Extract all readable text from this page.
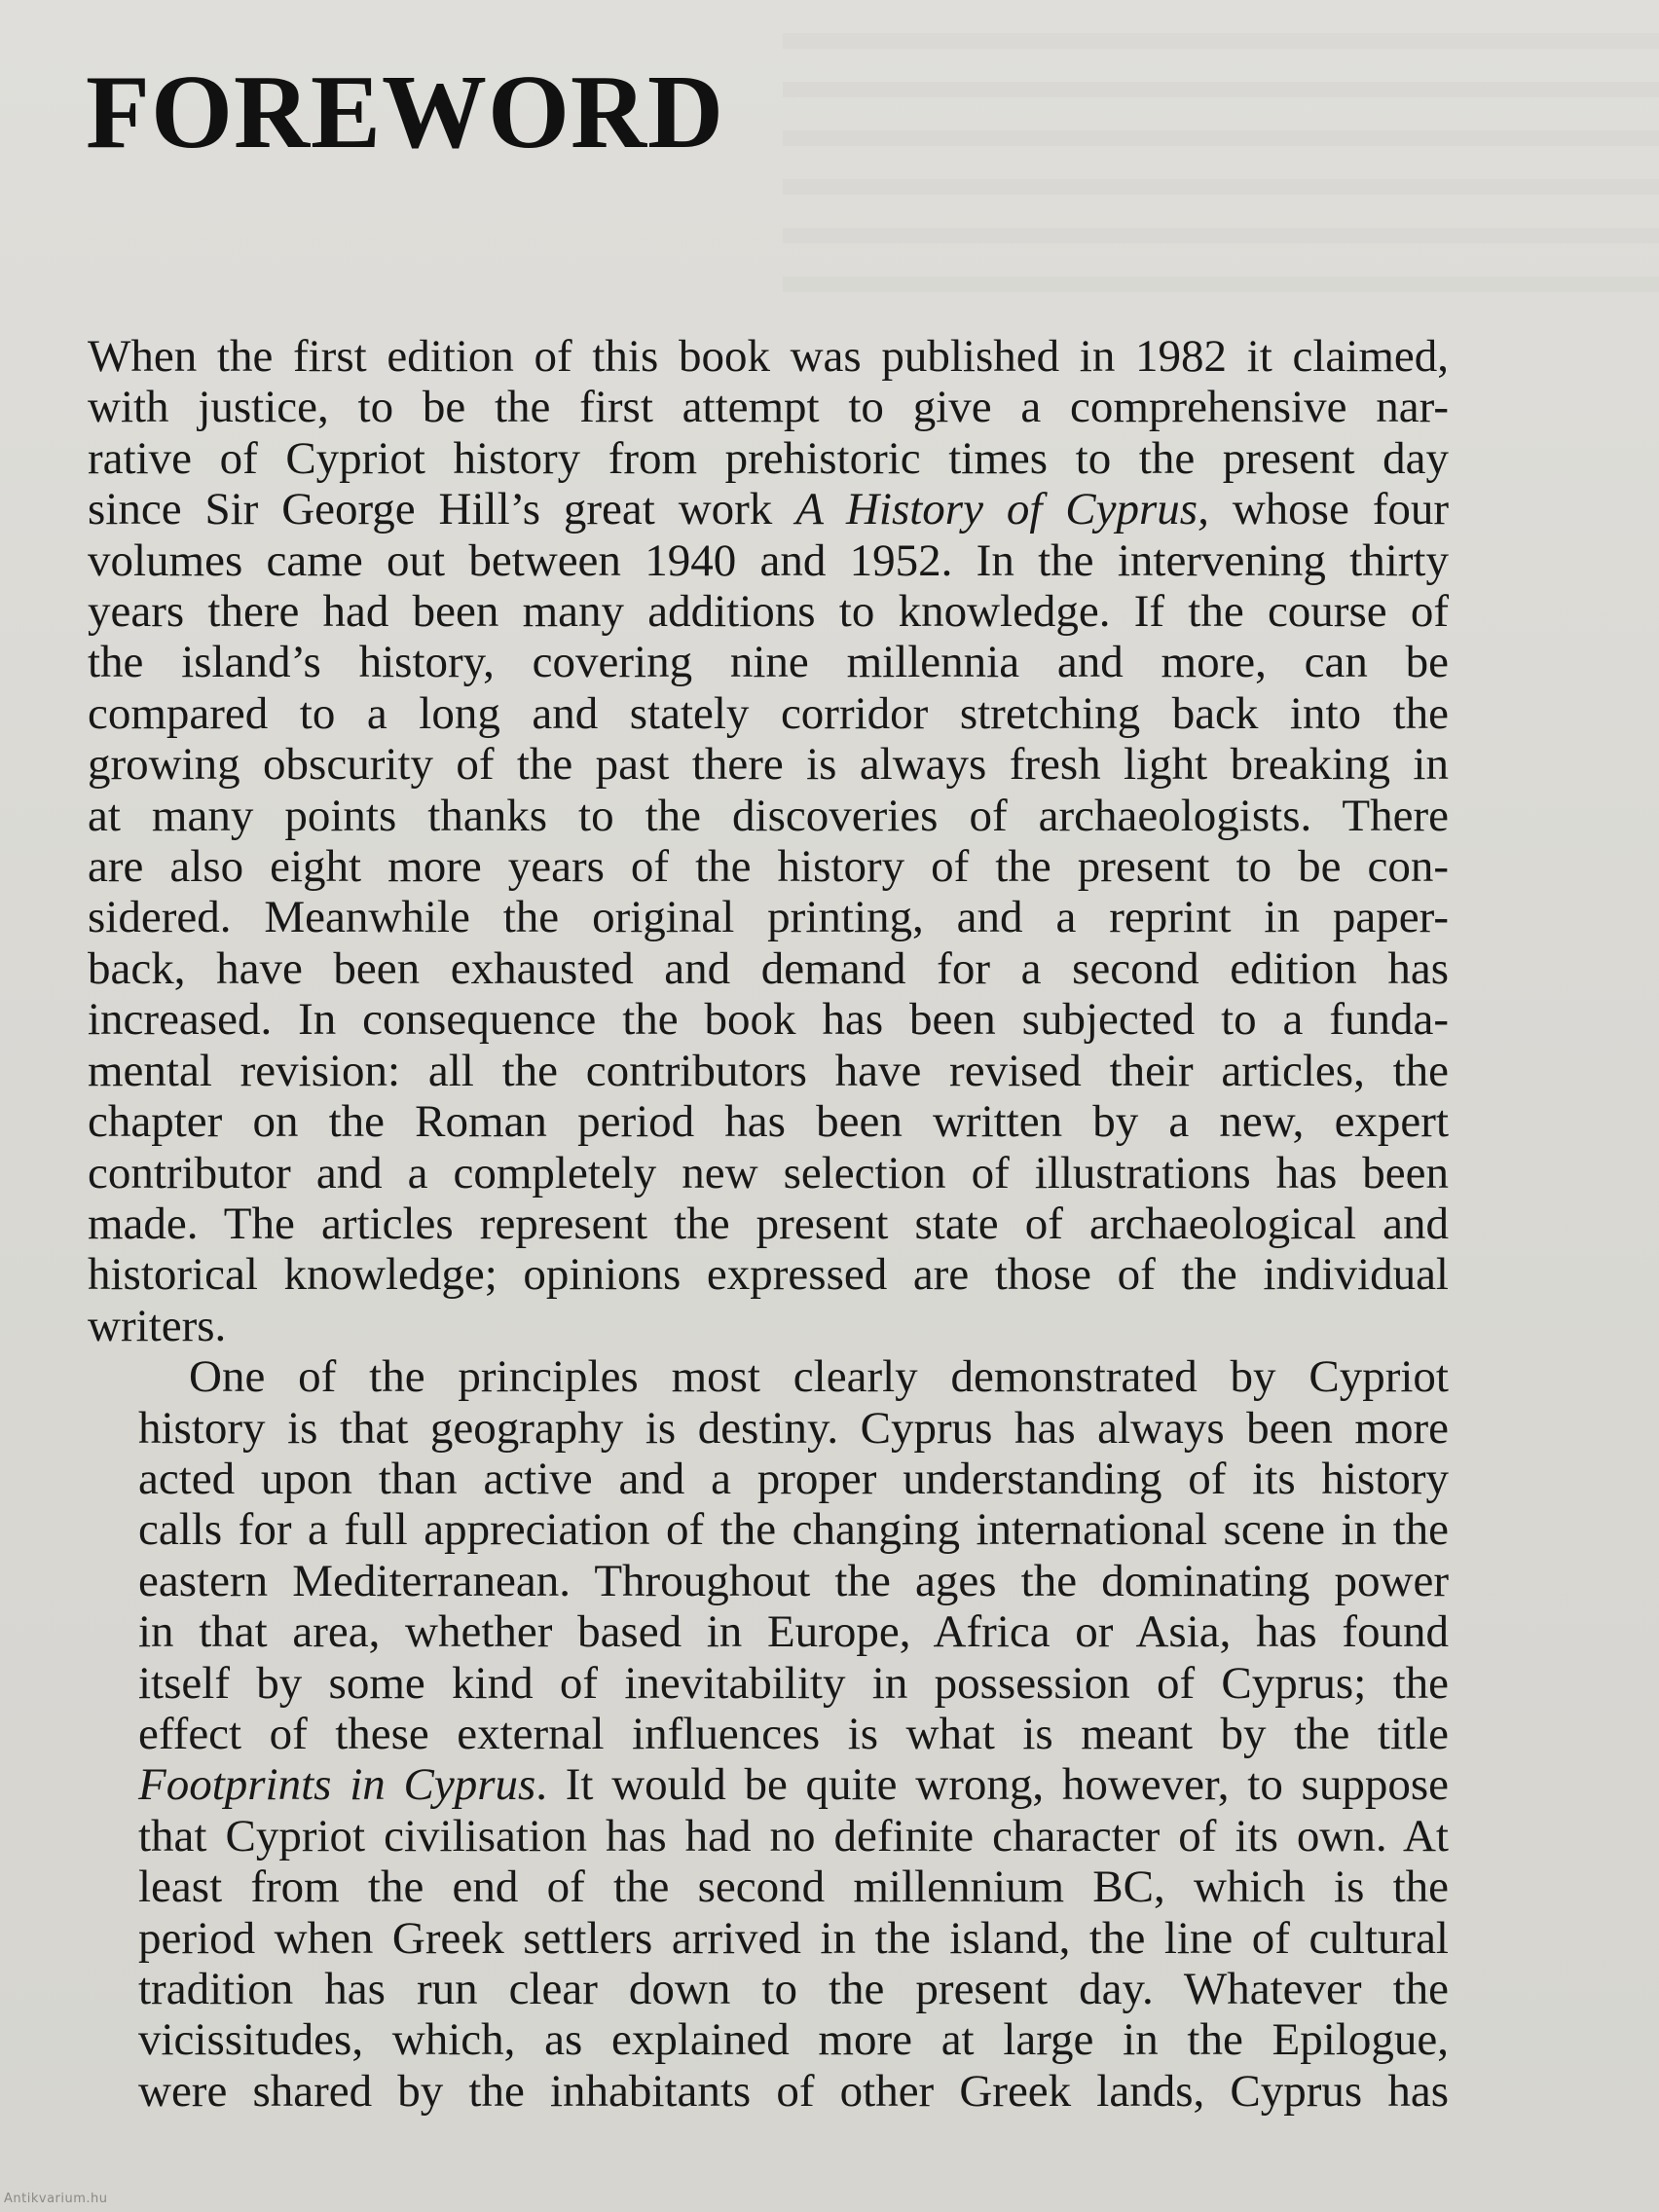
FOREWORD

When the first edition of this book was published in 1982 it claimed,
with justice, to be the first attempt to give a comprehensive nar-
rative of Cypriot history from prehistoric times to the present day
since Sir George Hill’s great work A History of Cyprus, whose four
volumes came out between 1940 and 1952. In the intervening thirty
years there had been many additions to knowledge. If the course of
the island’s history, covering nine millennia and more, can be
compared to a long and stately corridor stretching back into the
growing obscurity of the past there is always fresh light breaking in
at many points thanks to the discoveries of archaeologists. There
are also eight more years of the history of the present to be con-
sidered. Meanwhile the original printing, and a reprint in paper-
back, have been exhausted and demand for a second edition has
increased. In consequence the book has been subjected to a funda-
mental revision: all the contributors have revised their articles, the
chapter on the Roman period has been written by a new, expert
contributor and a completely new selection of illustrations has been
made. The articles represent the present state of archaeological and
historical knowledge; opinions expressed are those of the individual
writers.

One of the principles most clearly demonstrated by Cypriot
history is that geography is destiny. Cyprus has always been more
acted upon than active and a proper understanding of its history
calls for a full appreciation of the changing international scene in the
eastern Mediterranean. Throughout the ages the dominating power
in that area, whether based in Europe, Africa or Asia, has found
itself by some kind of inevitability in possession of Cyprus; the
effect of these external influences is what is meant by the title
Footprints in Cyprus. It would be quite wrong, however, to suppose
that Cypriot civilisation has had no definite character of its own. At
least from the end of the second millennium BC, which is the
period when Greek settlers arrived in the island, the line of cultural
tradition has run clear down to the present day. Whatever the
vicissitudes, which, as explained more at large in the Epilogue,
were shared by the inhabitants of other Greek lands, Cyprus has

Antikvarium.hu
